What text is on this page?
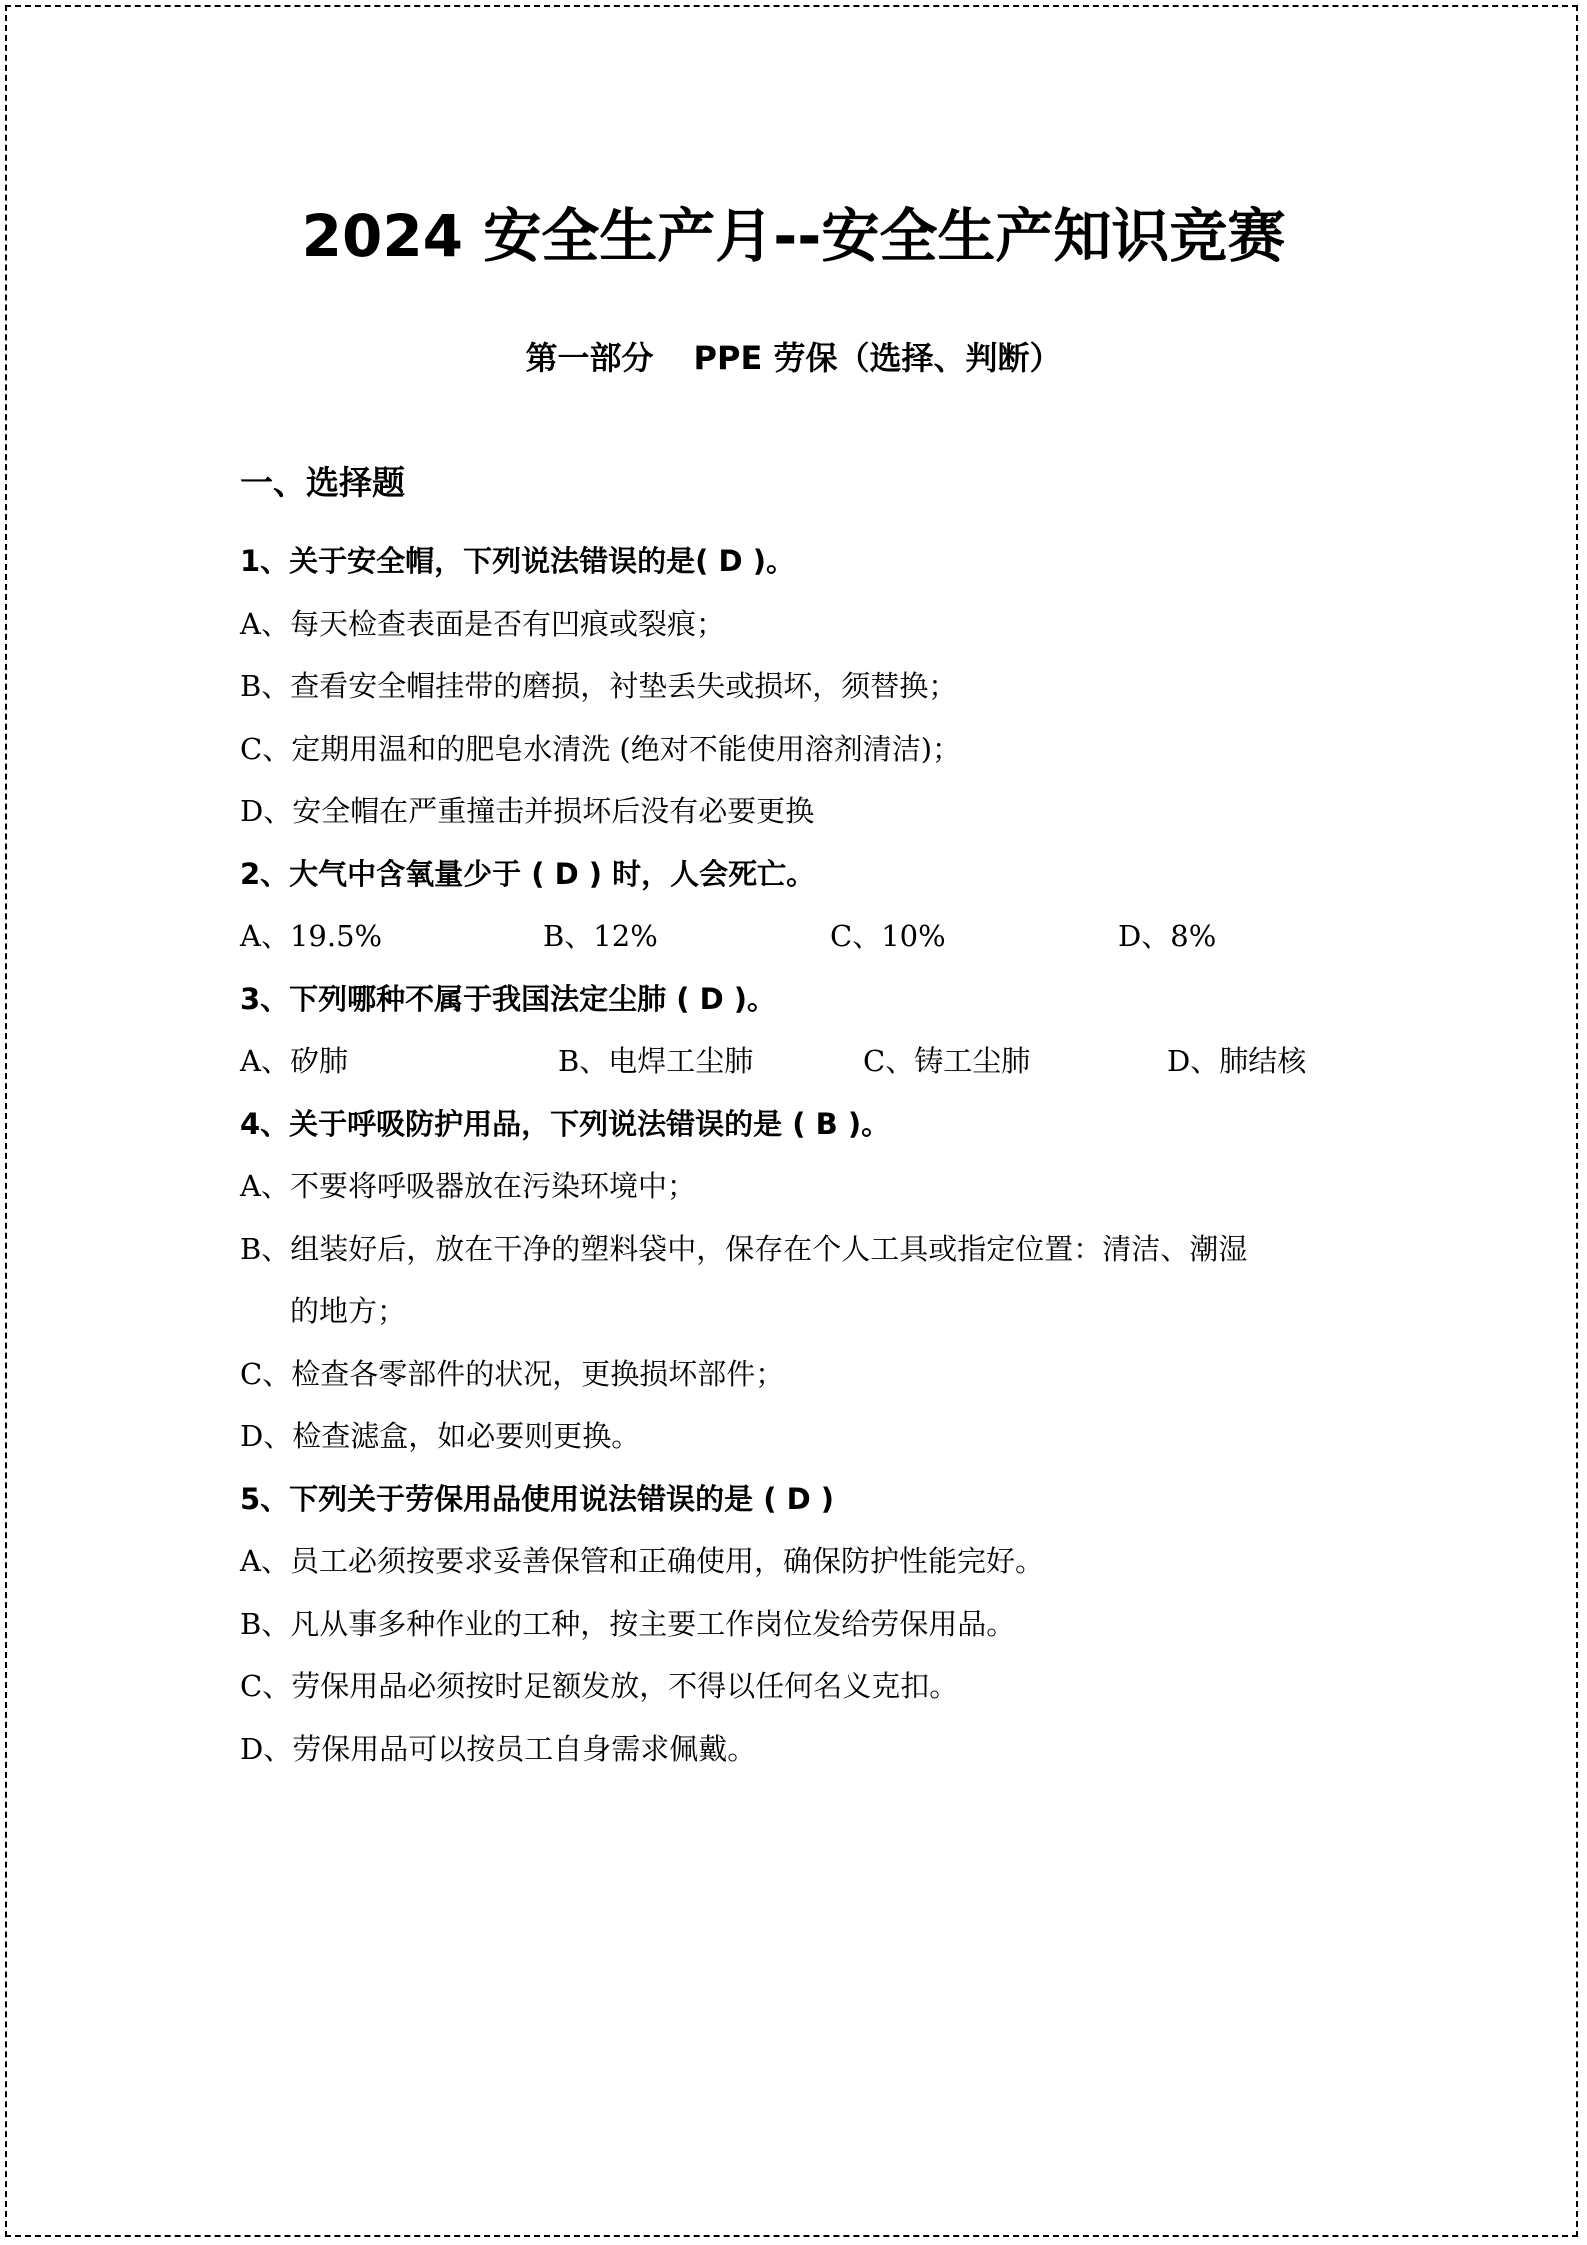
2024 安全生产月--安全生产知识竞赛
第一部分 PPE 劳保（选择、判断）
一、选择题
1、关于安全帽，下列说法错误的是( D )。
A、每天检查表面是否有凹痕或裂痕；
B、查看安全帽挂带的磨损，衬垫丢失或损坏，须替换；
C、定期用温和的肥皂水清洗 (绝对不能使用溶剂清洁)；
D、安全帽在严重撞击并损坏后没有必要更换
2、大气中含氧量少于 ( D ) 时，人会死亡。
A、19.5%	B、12%	C、10%	D、8%
3、下列哪种不属于我国法定尘肺 ( D )。
A、矽肺	B、电焊工尘肺	C、铸工尘肺	D、肺结核
4、关于呼吸防护用品，下列说法错误的是 ( B )。
A、不要将呼吸器放在污染环境中；
B、组装好后，放在干净的塑料袋中，保存在个人工具或指定位置：清洁、潮湿
的地方；
C、检查各零部件的状况，更换损坏部件；
D、检查滤盒，如必要则更换。
5、下列关于劳保用品使用说法错误的是 ( D )
A、员工必须按要求妥善保管和正确使用，确保防护性能完好。
B、凡从事多种作业的工种，按主要工作岗位发给劳保用品。
C、劳保用品必须按时足额发放，不得以任何名义克扣。
D、劳保用品可以按员工自身需求佩戴。
